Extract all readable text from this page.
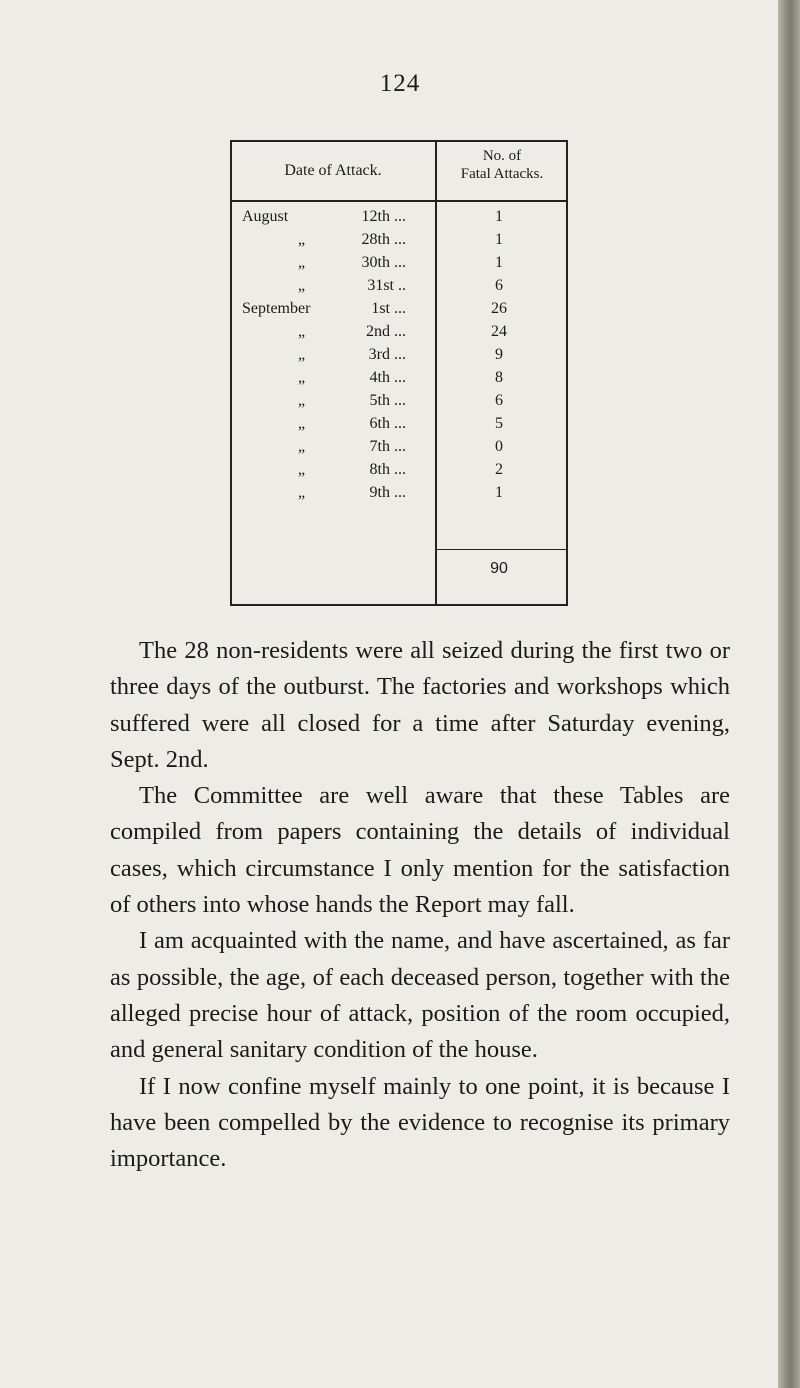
124
Date of Attack.
No. of
Fatal Attacks.
August	12th ...	1
„	28th ...	1
„	30th ...	1
„	31st ..	6
September	1st ...	26
„	2nd ...	24
„	3rd ...	9
„	4th ...	8
„	5th ...	6
„	6th ...	5
„	7th ...	0
„	8th ...	2
„	9th ...	1
90

The 28 non-residents were all seized during the first two or three days of the outburst. The factories and workshops which suffered were all closed for a time after Saturday evening, Sept. 2nd.

The Committee are well aware that these Tables are compiled from papers containing the details of individual cases, which circumstance I only mention for the satisfaction of others into whose hands the Report may fall.

I am acquainted with the name, and have ascertained, as far as possible, the age, of each deceased person, together with the alleged precise hour of attack, position of the room occupied, and general sanitary condition of the house.

If I now confine myself mainly to one point, it is because I have been compelled by the evidence to recognise its primary importance.
